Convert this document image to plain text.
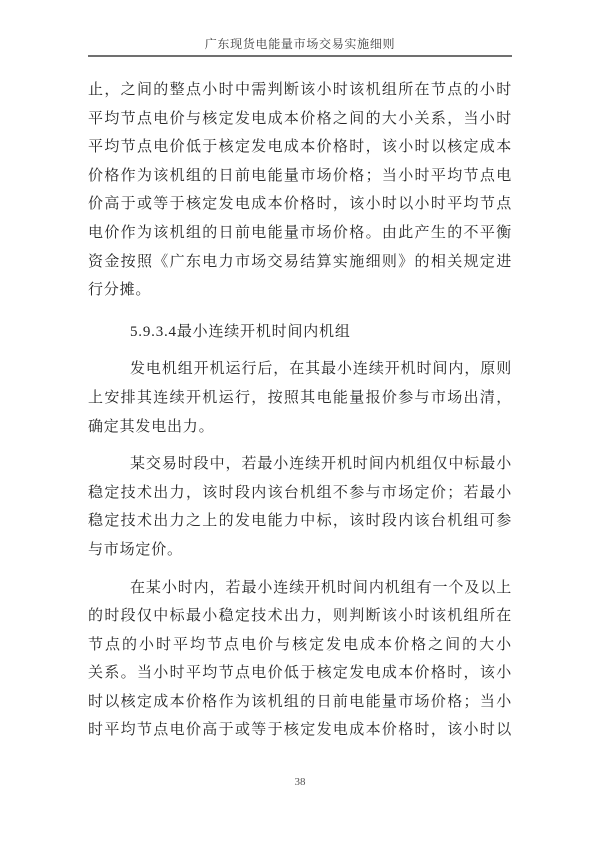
广东现货电能量市场交易实施细则
止，之间的整点小时中需判断该小时该机组所在节点的小时
平均节点电价与核定发电成本价格之间的大小关系，当小时
平均节点电价低于核定发电成本价格时，该小时以核定成本
价格作为该机组的日前电能量市场价格；当小时平均节点电
价高于或等于核定发电成本价格时，该小时以小时平均节点
电价作为该机组的日前电能量市场价格。由此产生的不平衡
资金按照《广东电力市场交易结算实施细则》的相关规定进
行分摊。
5.9.3.4最小连续开机时间内机组
发电机组开机运行后，在其最小连续开机时间内，原则
上安排其连续开机运行，按照其电能量报价参与市场出清，
确定其发电出力。
某交易时段中，若最小连续开机时间内机组仅中标最小
稳定技术出力，该时段内该台机组不参与市场定价；若最小
稳定技术出力之上的发电能力中标，该时段内该台机组可参
与市场定价。
在某小时内，若最小连续开机时间内机组有一个及以上
的时段仅中标最小稳定技术出力，则判断该小时该机组所在
节点的小时平均节点电价与核定发电成本价格之间的大小
关系。当小时平均节点电价低于核定发电成本价格时，该小
时以核定成本价格作为该机组的日前电能量市场价格；当小
时平均节点电价高于或等于核定发电成本价格时，该小时以
38
